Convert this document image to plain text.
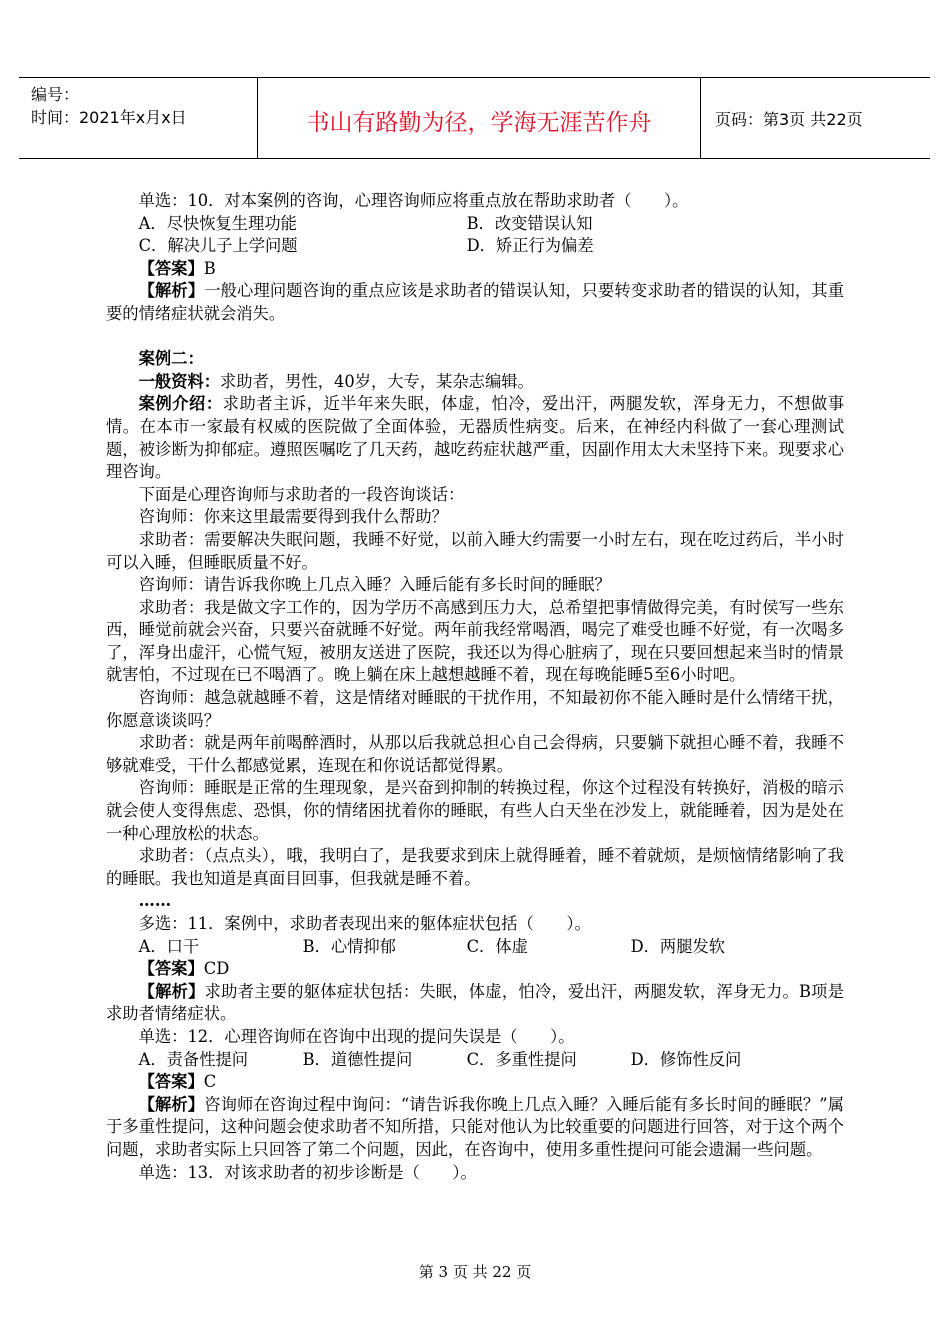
编号：
时间：2021年x月x日	书山有路勤为径，学海无涯苦作舟	页码：第3页 共22页

单选：10．对本案例的咨询，心理咨询师应将重点放在帮助求助者（　　）。

A．尽快恢复生理功能	B．改变错误认知
C．解决儿子上学问题	D．矫正行为偏差

【答案】B

【解析】一般心理问题咨询的重点应该是求助者的错误认知，只要转变求助者的错误的认知，其重要的情绪症状就会消失。

案例二：

一般资料：求助者，男性，40岁，大专，某杂志编辑。

案例介绍：求助者主诉，近半年来失眠，体虚，怕冷，爱出汗，两腿发软，浑身无力，不想做事情。在本市一家最有权威的医院做了全面体验，无器质性病变。后来，在神经内科做了一套心理测试题，被诊断为抑郁症。遵照医嘱吃了几天药，越吃药症状越严重，因副作用太大未坚持下来。现要求心理咨询。

下面是心理咨询师与求助者的一段咨询谈话：

咨询师：你来这里最需要得到我什么帮助？

求助者：需要解决失眠问题，我睡不好觉，以前入睡大约需要一小时左右，现在吃过药后，半小时可以入睡，但睡眠质量不好。

咨询师：请告诉我你晚上几点入睡？入睡后能有多长时间的睡眠？

求助者：我是做文字工作的，因为学历不高感到压力大，总希望把事情做得完美，有时侯写一些东西，睡觉前就会兴奋，只要兴奋就睡不好觉。两年前我经常喝酒，喝完了难受也睡不好觉，有一次喝多了，浑身出虚汗，心慌气短，被朋友送进了医院，我还以为得心脏病了，现在只要回想起来当时的情景就害怕，不过现在已不喝酒了。晚上躺在床上越想越睡不着，现在每晚能睡5至6小时吧。

咨询师：越急就越睡不着，这是情绪对睡眠的干扰作用，不知最初你不能入睡时是什么情绪干扰，你愿意谈谈吗？

求助者：就是两年前喝醉酒时，从那以后我就总担心自己会得病，只要躺下就担心睡不着，我睡不够就难受，干什么都感觉累，连现在和你说话都觉得累。

咨询师：睡眠是正常的生理现象，是兴奋到抑制的转换过程，你这个过程没有转换好，消极的暗示就会使人变得焦虑、恐惧，你的情绪困扰着你的睡眠，有些人白天坐在沙发上，就能睡着，因为是处在一种心理放松的状态。

求助者：（点点头），哦，我明白了，是我要求到床上就得睡着，睡不着就烦，是烦恼情绪影响了我的睡眠。我也知道是真面目回事，但我就是睡不着。

……

多选：11．案例中，求助者表现出来的躯体症状包括（　　）。

A．口干	B．心情抑郁	C．体虚	D．两腿发软

【答案】CD

【解析】求助者主要的躯体症状包括：失眠，体虚，怕冷，爱出汗，两腿发软，浑身无力。B项是求助者情绪症状。

单选：12．心理咨询师在咨询中出现的提问失误是（　　）。

A．责备性提问	B．道德性提问	C．多重性提问	D．修饰性反问

【答案】C

【解析】咨询师在咨询过程中询问：“请告诉我你晚上几点入睡？入睡后能有多长时间的睡眠？”属于多重性提问，这种问题会使求助者不知所措，只能对他认为比较重要的问题进行回答，对于这个两个问题，求助者实际上只回答了第二个问题，因此，在咨询中，使用多重性提问可能会遗漏一些问题。

单选：13．对该求助者的初步诊断是（　　）。

第 3 页 共 22 页
